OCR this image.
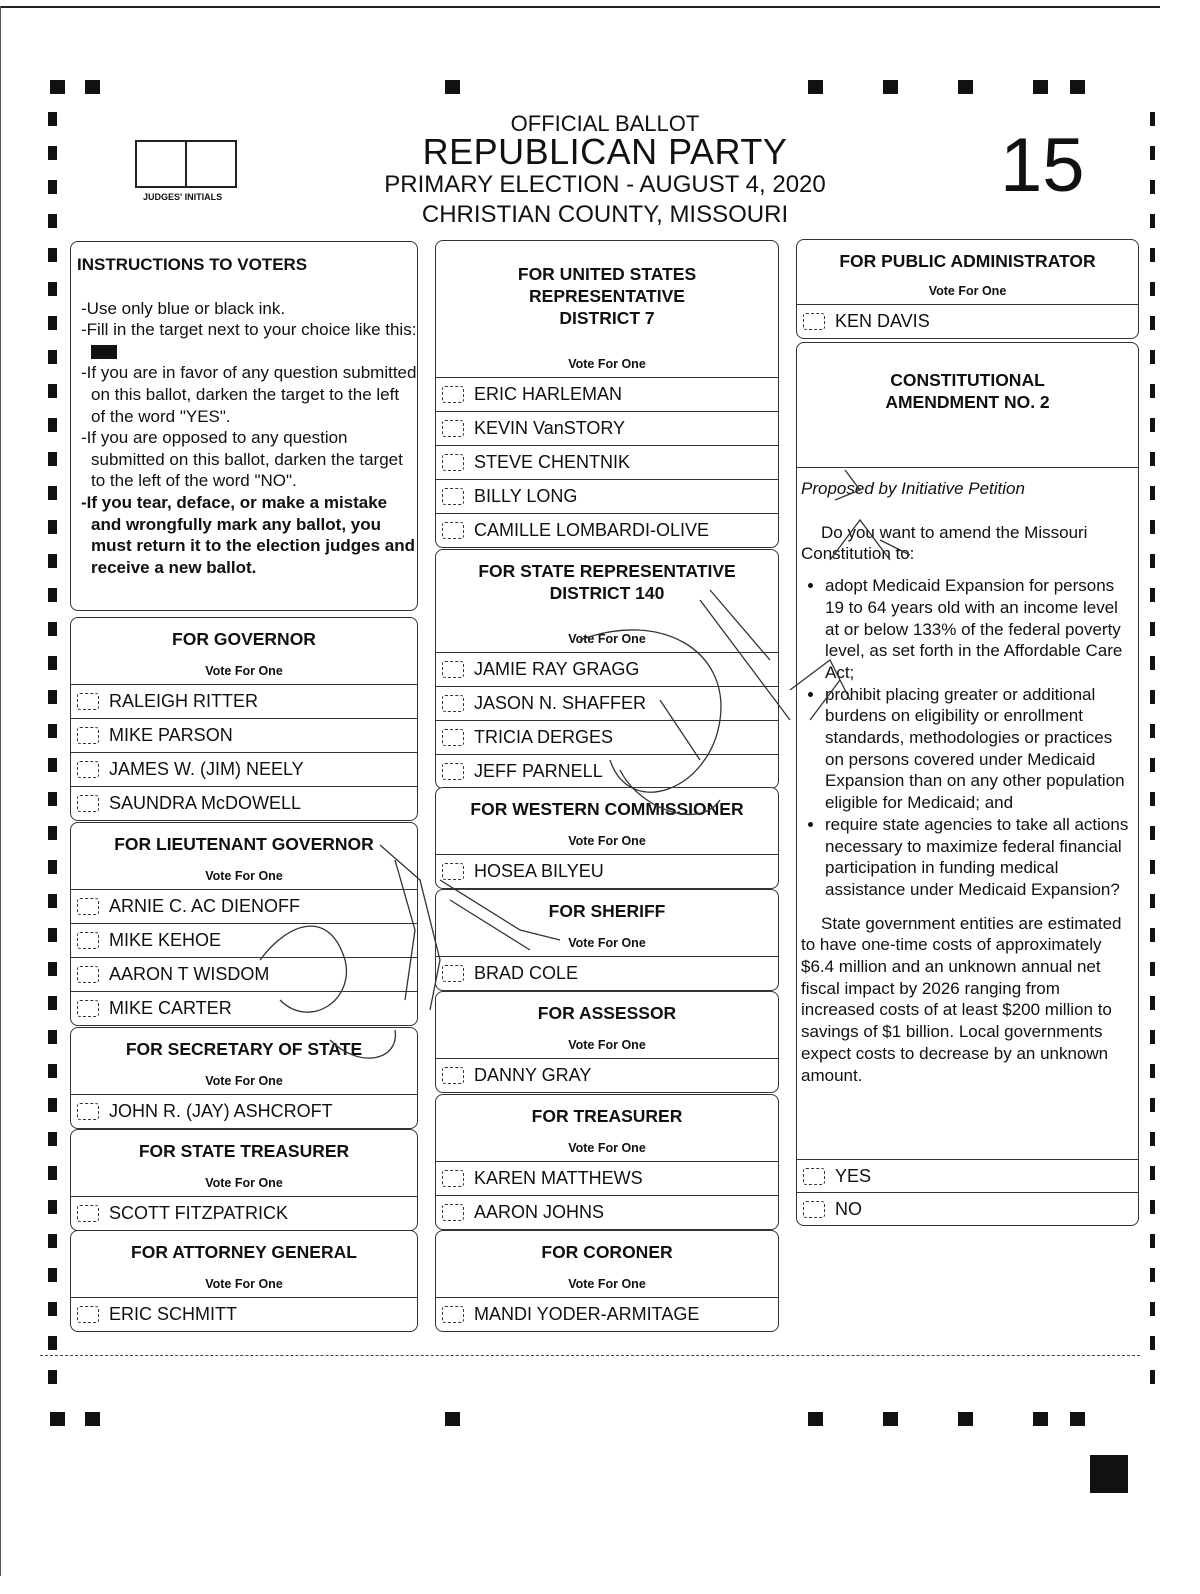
OFFICIAL BALLOT
REPUBLICAN PARTY
PRIMARY ELECTION - AUGUST 4, 2020
CHRISTIAN COUNTY, MISSOURI
15
JUDGES' INITIALS
INSTRUCTIONS TO VOTERS

-Use only blue or black ink.

-Fill in the target next to your choice like this:

-If you are in favor of any question submitted on this ballot, darken the target to the left of the word "YES".

-If you are opposed to any question submitted on this ballot, darken the target to the left of the word "NO".

-If you tear, deface, or make a mistake and wrongfully mark any ballot, you must return it to the election judges and receive a new ballot.

FOR GOVERNOR
Vote For One
RALEIGH RITTER
MIKE PARSON
JAMES W. (JIM) NEELY
SAUNDRA McDOWELL
FOR LIEUTENANT GOVERNOR
Vote For One
ARNIE C. AC DIENOFF
MIKE KEHOE
AARON T WISDOM
MIKE CARTER
FOR SECRETARY OF STATE
Vote For One
JOHN R. (JAY) ASHCROFT
FOR STATE TREASURER
Vote For One
SCOTT FITZPATRICK
FOR ATTORNEY GENERAL
Vote For One
ERIC SCHMITT
FOR UNITED STATES
REPRESENTATIVE
DISTRICT 7
Vote For One
ERIC HARLEMAN
KEVIN VanSTORY
STEVE CHENTNIK
BILLY LONG
CAMILLE LOMBARDI-OLIVE
FOR STATE REPRESENTATIVE
DISTRICT 140
Vote For One
JAMIE RAY GRAGG
JASON N. SHAFFER
TRICIA DERGES
JEFF PARNELL
FOR WESTERN COMMISSIONER
Vote For One
HOSEA BILYEU
FOR SHERIFF
Vote For One
BRAD COLE
FOR ASSESSOR
Vote For One
DANNY GRAY
FOR TREASURER
Vote For One
KAREN MATTHEWS
AARON JOHNS
FOR CORONER
Vote For One
MANDI YODER-ARMITAGE
FOR PUBLIC ADMINISTRATOR
Vote For One
KEN DAVIS
CONSTITUTIONAL
AMENDMENT NO. 2
Proposed by Initiative Petition
Do you want to amend the Missouri Constitution to:
• adopt Medicaid Expansion for persons 19 to 64 years old with an income level at or below 133% of the federal poverty level, as set forth in the Affordable Care Act;
• prohibit placing greater or additional burdens on eligibility or enrollment standards, methodologies or practices on persons covered under Medicaid Expansion than on any other population eligible for Medicaid; and
• require state agencies to take all actions necessary to maximize federal financial participation in funding medical assistance under Medicaid Expansion?

State government entities are estimated to have one-time costs of approximately $6.4 million and an unknown annual net fiscal impact by 2026 ranging from increased costs of at least $200 million to savings of $1 billion. Local governments expect costs to decrease by an unknown amount.

YES
NO
